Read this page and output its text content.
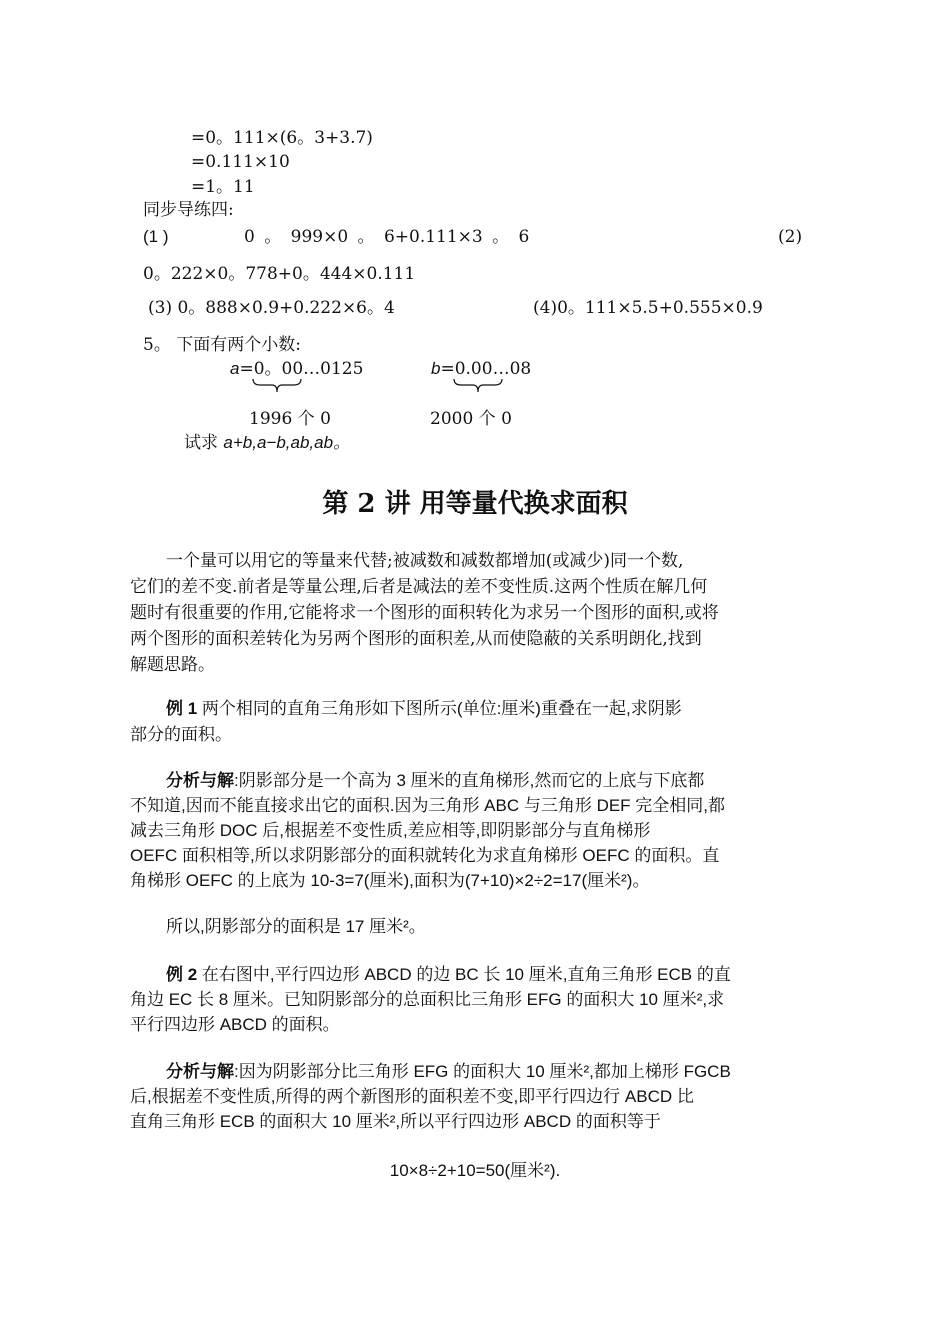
=0。111×(6。3+3.7)
=0.111×10
=1。11
同步导练四:
(1 )	0 。 999×0 。 6+0.111×3 。 6	(2)
0。222×0。778+0。444×0.111
(3) 0。888×0.9+0.222×6。4	(4)0。111×5.5+0.555×0.9
5。 下面有两个小数:
a=0。00…0125	b=0.00…08
1996 个 0	2000 个 0
试求 a+b,a−b,ab,ab。
第 2 讲 用等量代换求面积
一个量可以用它的等量来代替;被减数和减数都增加(或减少)同一个数,
它们的差不变.前者是等量公理,后者是减法的差不变性质.这两个性质在解几何
题时有很重要的作用,它能将求一个图形的面积转化为求另一个图形的面积,或将
两个图形的面积差转化为另两个图形的面积差,从而使隐蔽的关系明朗化,找到
解题思路。
例 1 两个相同的直角三角形如下图所示(单位:厘米)重叠在一起,求阴影
部分的面积。
分析与解:阴影部分是一个高为 3 厘米的直角梯形,然而它的上底与下底都
不知道,因而不能直接求出它的面积.因为三角形 ABC 与三角形 DEF 完全相同,都
减去三角形 DOC 后,根据差不变性质,差应相等,即阴影部分与直角梯形
OEFC 面积相等,所以求阴影部分的面积就转化为求直角梯形 OEFC 的面积。直
角梯形 OEFC 的上底为 10-3=7(厘米),面积为(7+10)×2÷2=17(厘米²)。
所以,阴影部分的面积是 17 厘米²。
例 2 在右图中,平行四边形 ABCD 的边 BC 长 10 厘米,直角三角形 ECB 的直
角边 EC 长 8 厘米。已知阴影部分的总面积比三角形 EFG 的面积大 10 厘米²,求
平行四边形 ABCD 的面积。
分析与解:因为阴影部分比三角形 EFG 的面积大 10 厘米²,都加上梯形 FGCB
后,根据差不变性质,所得的两个新图形的面积差不变,即平行四边行 ABCD 比
直角三角形 ECB 的面积大 10 厘米²,所以平行四边形 ABCD 的面积等于
10×8÷2+10=50(厘米²).
